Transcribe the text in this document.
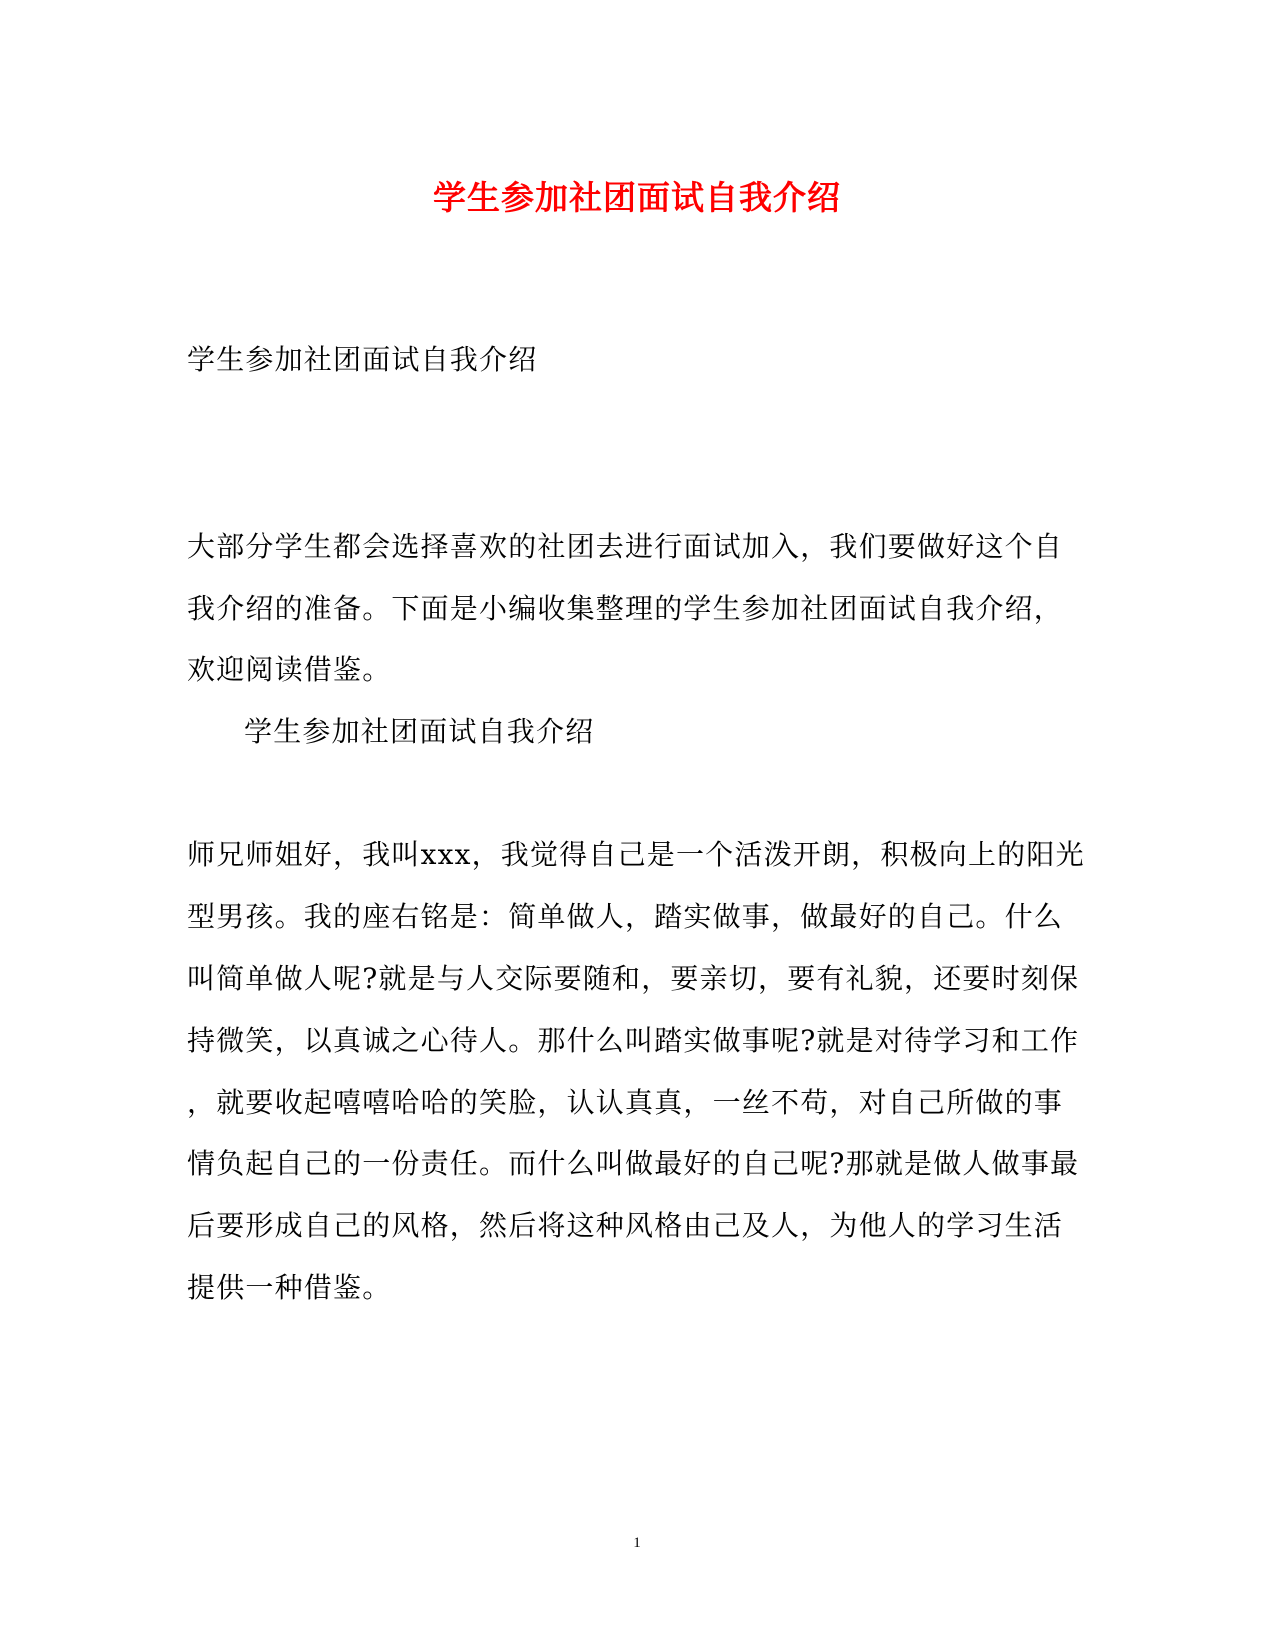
学生参加社团面试自我介绍
学生参加社团面试自我介绍
大部分学生都会选择喜欢的社团去进行面试加入，我们要做好这个自
我介绍的准备。下面是小编收集整理的学生参加社团面试自我介绍，
欢迎阅读借鉴。
学生参加社团面试自我介绍
师兄师姐好，我叫xxx，我觉得自己是一个活泼开朗，积极向上的阳光
型男孩。我的座右铭是：简单做人，踏实做事，做最好的自己。什么
叫简单做人呢?就是与人交际要随和，要亲切，要有礼貌，还要时刻保
持微笑，以真诚之心待人。那什么叫踏实做事呢?就是对待学习和工作
，就要收起嘻嘻哈哈的笑脸，认认真真，一丝不苟，对自己所做的事
情负起自己的一份责任。而什么叫做最好的自己呢?那就是做人做事最
后要形成自己的风格，然后将这种风格由己及人，为他人的学习生活
提供一种借鉴。
1
